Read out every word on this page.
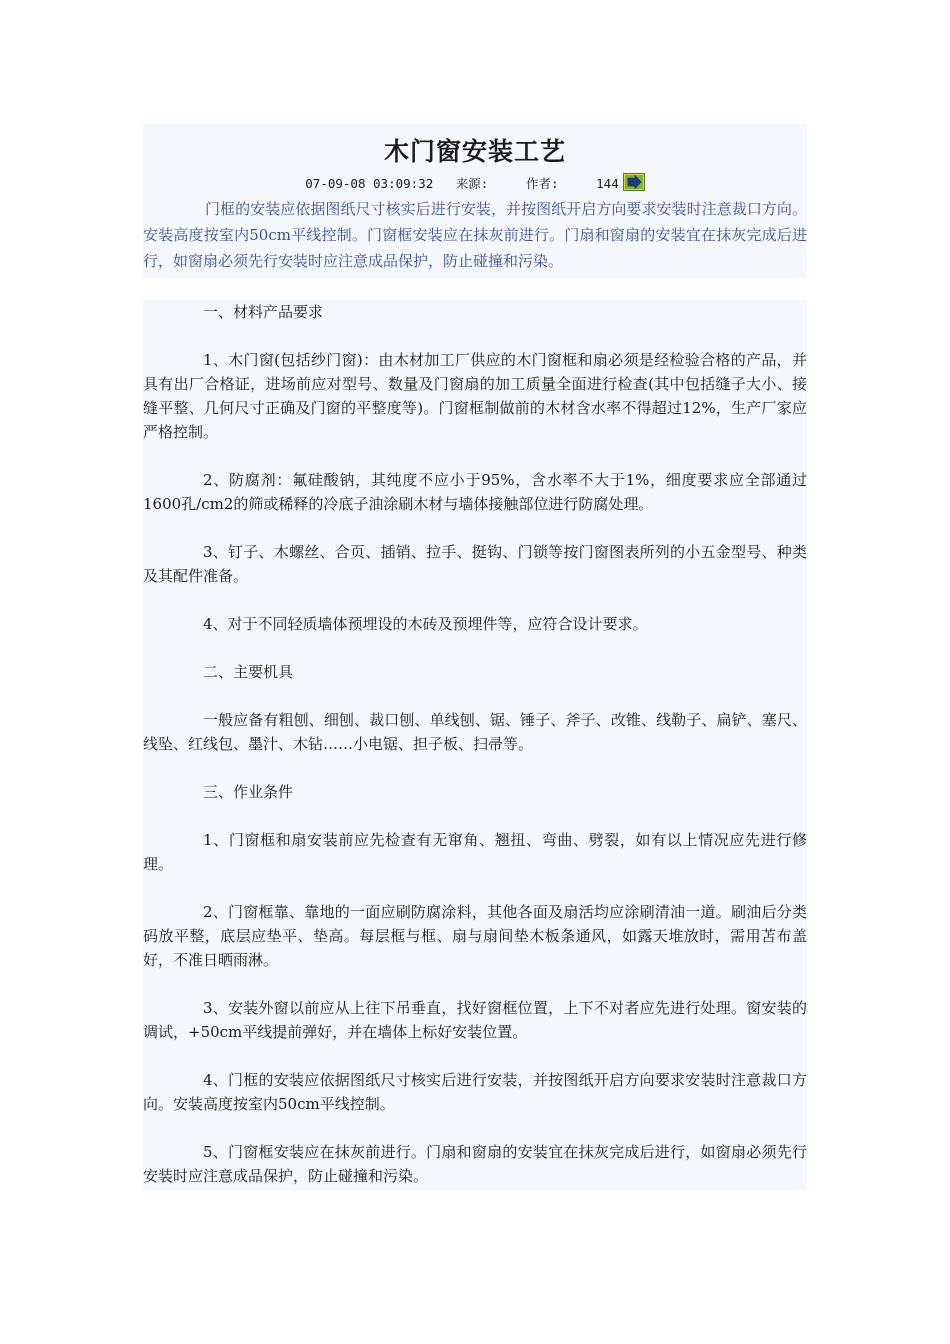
木门窗安装工艺
07-09-08 03:09:32 来源:	作者:	144

门框的安装应依据图纸尺寸核实后进行安装，并按图纸开启方向要求安装时注意裁口方向。安装高度按室内50cm平线控制。门窗框安装应在抹灰前进行。门扇和窗扇的安装宜在抹灰完成后进行，如窗扇必须先行安装时应注意成品保护，防止碰撞和污染。

一、材料产品要求

1、木门窗(包括纱门窗)：由木材加工厂供应的木门窗框和扇必须是经检验合格的产品，并具有出厂合格证，进场前应对型号、数量及门窗扇的加工质量全面进行检查(其中包括缝子大小、接缝平整、几何尺寸正确及门窗的平整度等)。门窗框制做前的木材含水率不得超过12%，生产厂家应严格控制。

2、防腐剂：氟硅酸钠，其纯度不应小于95%，含水率不大于1%，细度要求应全部通过1600孔/cm2的筛或稀释的冷底子油涂刷木材与墙体接触部位进行防腐处理。

3、钉子、木螺丝、合页、插销、拉手、挺钩、门锁等按门窗图表所列的小五金型号、种类及其配件准备。

4、对于不同轻质墙体预埋设的木砖及预埋件等，应符合设计要求。

二、主要机具

一般应备有粗刨、细刨、裁口刨、单线刨、锯、锤子、斧子、改锥、线勒子、扁铲、塞尺、线坠、红线包、墨汁、木钻……小电锯、担子板、扫帚等。

三、作业条件

1、门窗框和扇安装前应先检查有无窜角、翘扭、弯曲、劈裂，如有以上情况应先进行修理。

2、门窗框靠、靠地的一面应刷防腐涂料，其他各面及扇活均应涂刷清油一道。刷油后分类码放平整，底层应垫平、垫高。每层框与框、扇与扇间垫木板条通风，如露天堆放时，需用苫布盖好，不准日晒雨淋。

3、安装外窗以前应从上往下吊垂直，找好窗框位置，上下不对者应先进行处理。窗安装的调试，+50cm平线提前弹好，并在墙体上标好安装位置。

4、门框的安装应依据图纸尺寸核实后进行安装，并按图纸开启方向要求安装时注意裁口方向。安装高度按室内50cm平线控制。

5、门窗框安装应在抹灰前进行。门扇和窗扇的安装宜在抹灰完成后进行，如窗扇必须先行安装时应注意成品保护，防止碰撞和污染。
